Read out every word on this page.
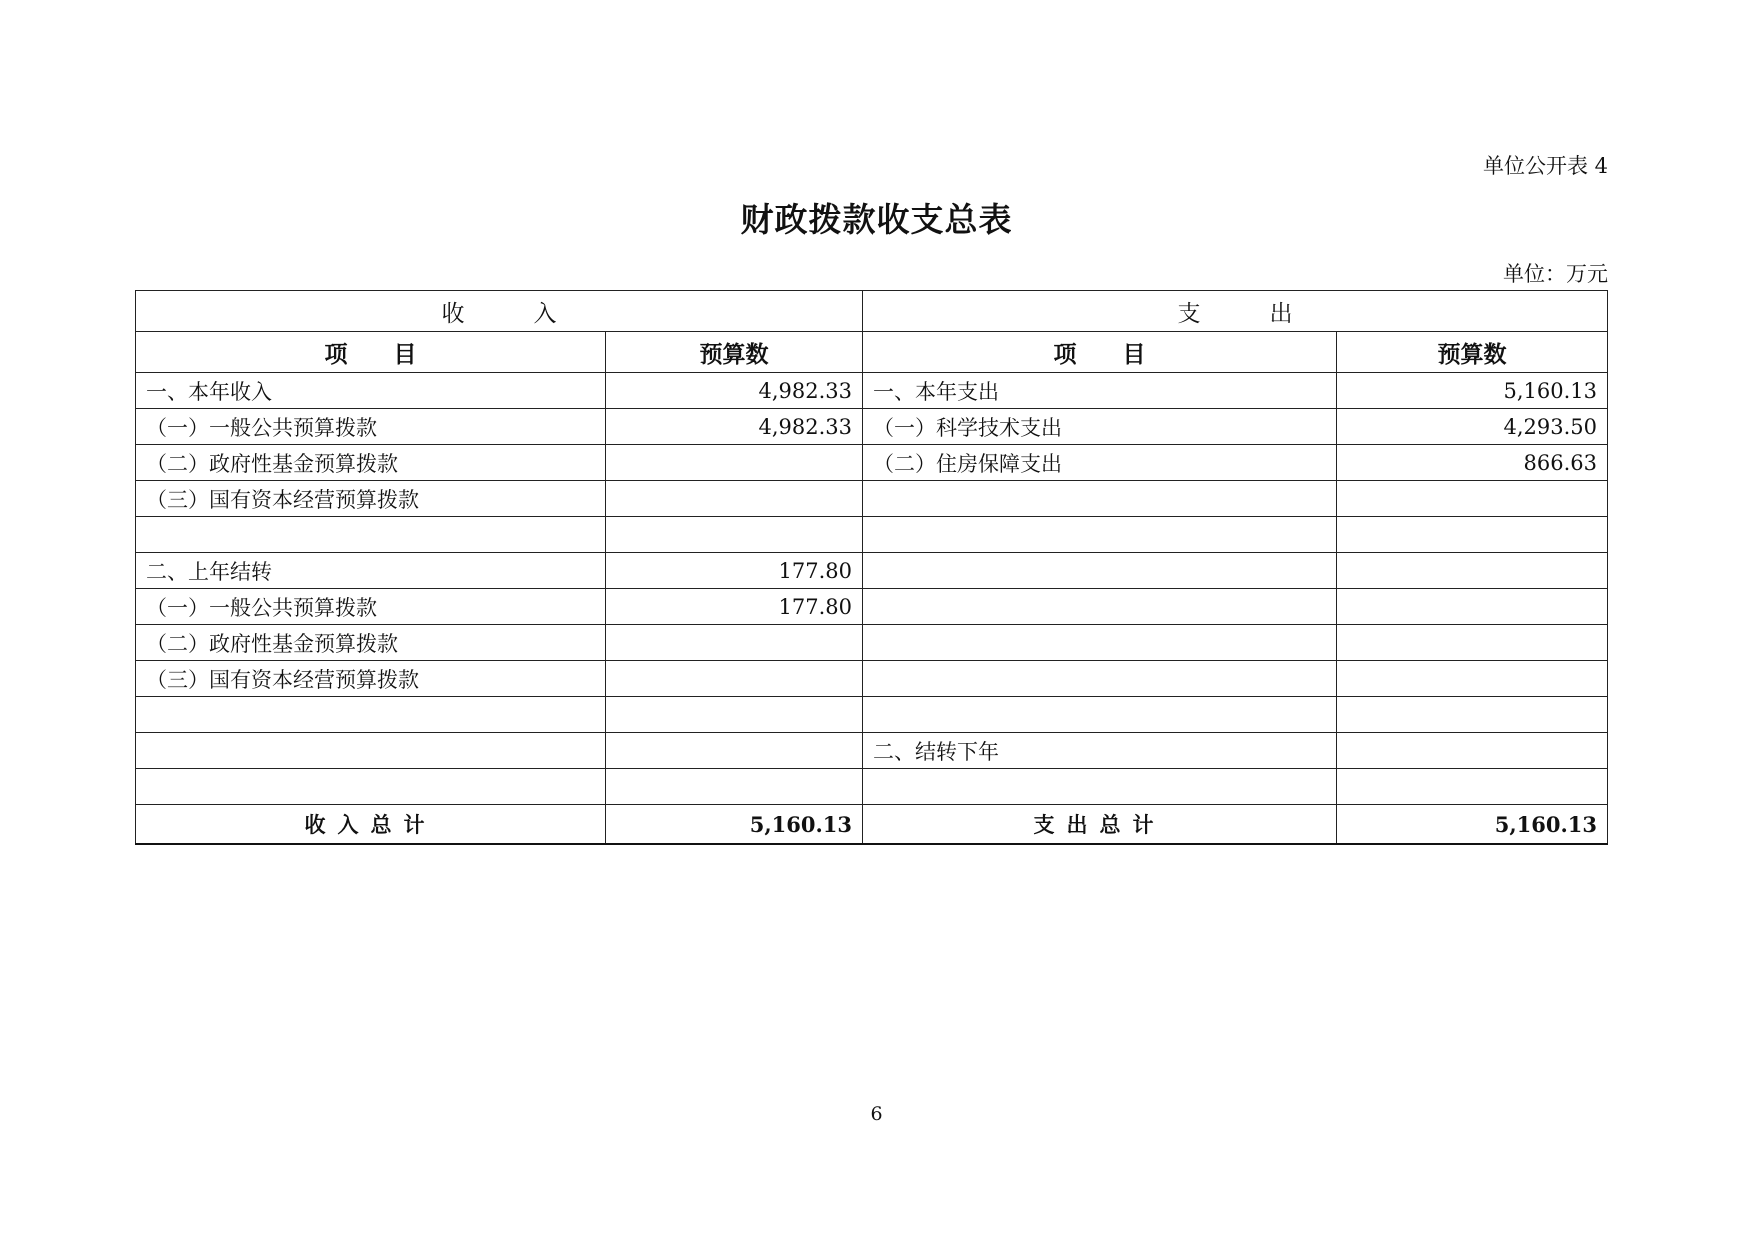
单位公开表 4
财政拨款收支总表
单位：万元
收　　　入		支　　　出	
项　　目	预算数	项　　目	预算数
一、本年收入	4,982.33	一、本年支出	5,160.13
（一）一般公共预算拨款	4,982.33	（一）科学技术支出	4,293.50
（二）政府性基金预算拨款		（二）住房保障支出	866.63
（三）国有资本经营预算拨款			

二、上年结转	177.80		
（一）一般公共预算拨款	177.80		
（二）政府性基金预算拨款			
（三）国有资本经营预算拨款			

		二、结转下年	

收入总计	5,160.13	支出总计	5,160.13
6
